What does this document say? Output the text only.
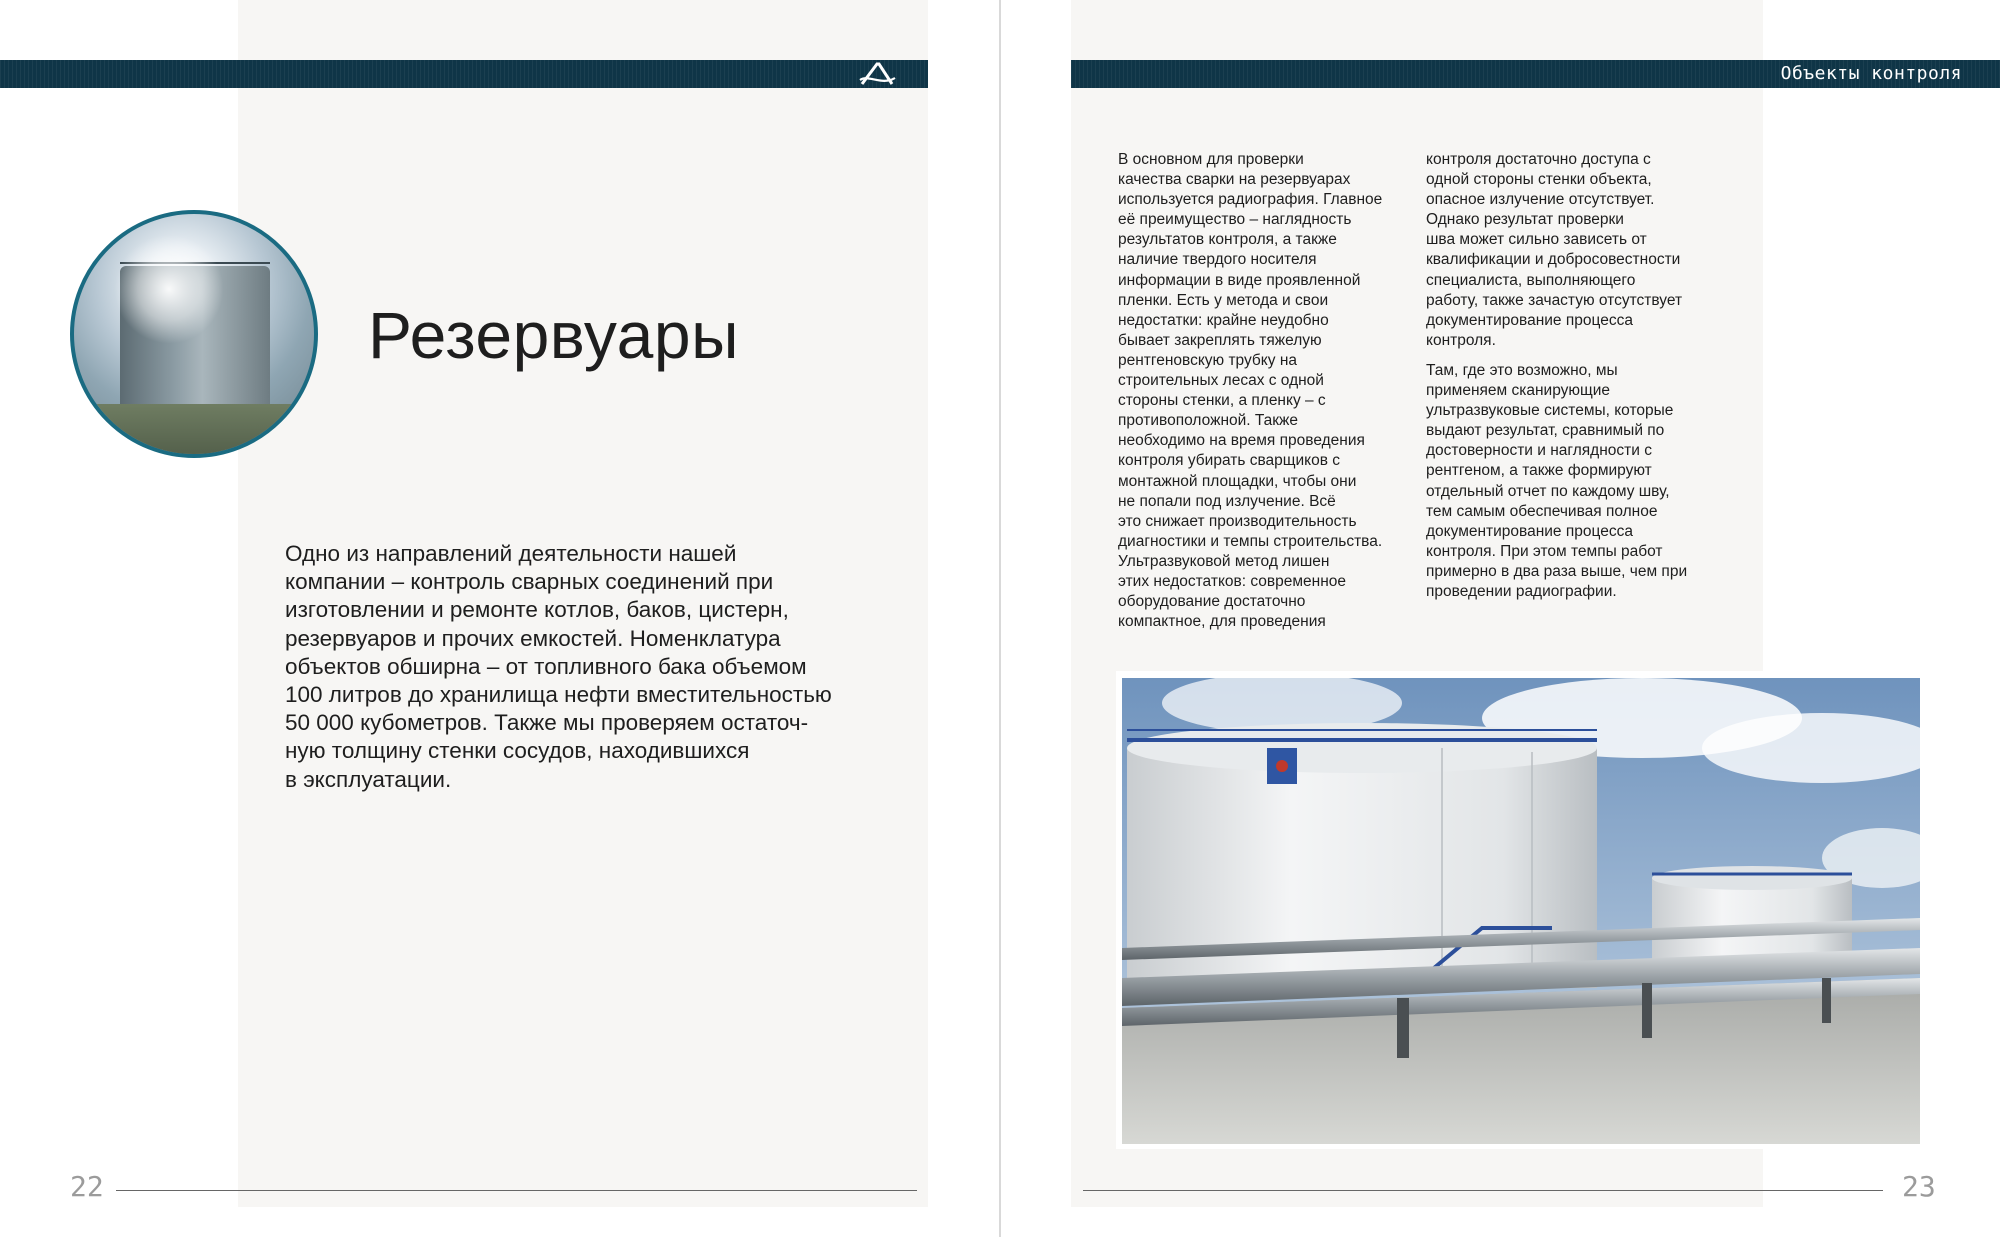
Объекты контроля
Резервуары

Одно из направлений деятельности нашей

компании – контроль сварных соединений при

изготовлении и ремонте котлов, баков, цистерн,

резервуаров и прочих емкостей. Номенклатура

объектов обширна – от топливного бака объемом

100 литров до хранилища нефти вместительностью

50 000 кубометров. Также мы проверяем остаточ-

ную толщину стенки сосудов, находившихся

в эксплуатации.

В основном для проверки
качества сварки на резервуарах
используется радиография. Главное
её преимущество – наглядность
результатов контроля, а также
наличие твердого носителя
информации в виде проявленной
пленки. Есть у метода и свои
недостатки: крайне неудобно
бывает закреплять тяжелую
рентгеновскую трубку на
строительных лесах с одной
стороны стенки, а пленку – с
противоположной. Также
необходимо на время проведения
контроля убирать сварщиков с
монтажной площадки, чтобы они
не попали под излучение. Всё
это снижает производительность
диагностики и темпы строительства.
Ультразвуковой метод лишен
этих недостатков: современное
оборудование достаточно
компактное, для проведения

контроля достаточно доступа с
одной стороны стенки объекта,
опасное излучение отсутствует.
Однако результат проверки
шва может сильно зависеть от
квалификации и добросовестности
специалиста, выполняющего
работу, также зачастую отсутствует
документирование процесса
контроля.

Там, где это возможно, мы
применяем сканирующие
ультразвуковые системы, которые
выдают результат, сравнимый по
достоверности и наглядности с
рентгеном, а также формируют
отдельный отчет по каждому шву,
тем самым обеспечивая полное
документирование процесса
контроля. При этом темпы работ
примерно в два раза выше, чем при
проведении радиографии.

22	23
